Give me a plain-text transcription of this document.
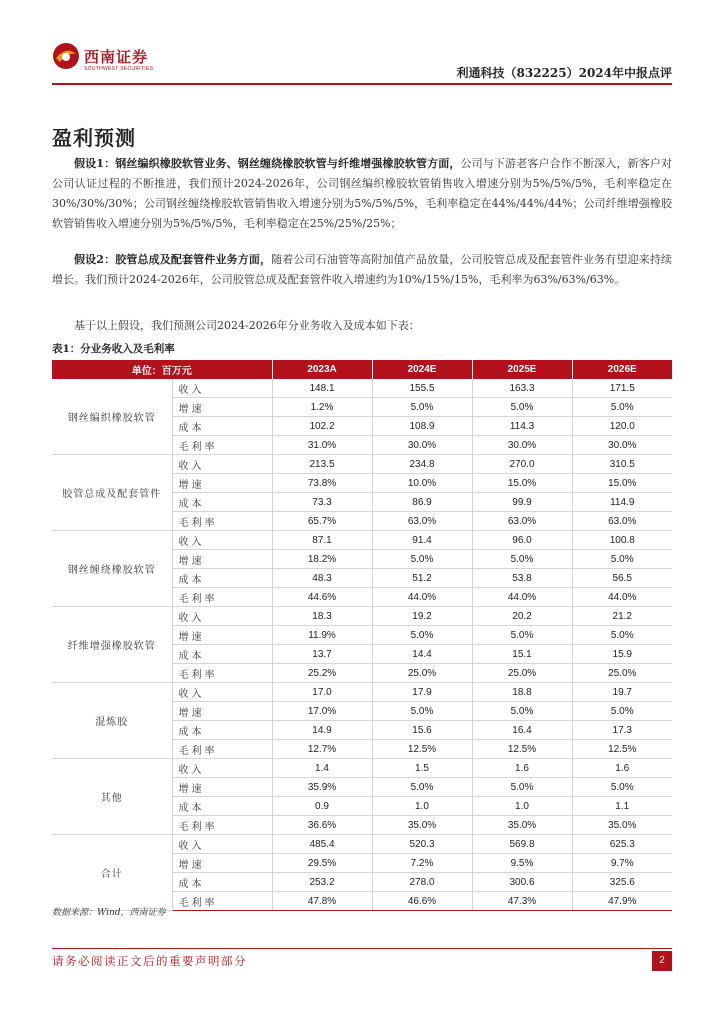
西南证券
SOUTHWEST SECURITIES	利通科技（832225）2024年中报点评
盈利预测

假设1：钢丝编织橡胶软管业务、钢丝缠绕橡胶软管与纤维增强橡胶软管方面，公司与下游老客户合作不断深入，新客户对公司认证过程的不断推进，我们预计2024-2026年，公司钢丝编织橡胶软管销售收入增速分别为5%/5%/5%，毛利率稳定在30%/30%/30%；公司钢丝缠绕橡胶软管销售收入增速分别为5%/5%/5%，毛利率稳定在44%/44%/44%；公司纤维增强橡胶软管销售收入增速分别为5%/5%/5%，毛利率稳定在25%/25%/25%；

假设2：胶管总成及配套管件业务方面，随着公司石油管等高附加值产品放量，公司胶管总成及配套管件业务有望迎来持续增长。我们预计2024-2026年，公司胶管总成及配套管件收入增速约为10%/15%/15%，毛利率为63%/63%/63%。

基于以上假设，我们预测公司2024-2026年分业务收入及成本如下表：

表1：分业务收入及毛利率
单位：百万元		2023A	2024E	2025E	2026E
钢丝编织橡胶软管	收入	148.1	155.5	163.3	171.5
	增速	1.2%	5.0%	5.0%	5.0%
	成本	102.2	108.9	114.3	120.0
	毛利率	31.0%	30.0%	30.0%	30.0%
胶管总成及配套管件	收入	213.5	234.8	270.0	310.5
	增速	73.8%	10.0%	15.0%	15.0%
	成本	73.3	86.9	99.9	114.9
	毛利率	65.7%	63.0%	63.0%	63.0%
钢丝缠绕橡胶软管	收入	87.1	91.4	96.0	100.8
	增速	18.2%	5.0%	5.0%	5.0%
	成本	48.3	51.2	53.8	56.5
	毛利率	44.6%	44.0%	44.0%	44.0%
纤维增强橡胶软管	收入	18.3	19.2	20.2	21.2
	增速	11.9%	5.0%	5.0%	5.0%
	成本	13.7	14.4	15.1	15.9
	毛利率	25.2%	25.0%	25.0%	25.0%
混炼胶	收入	17.0	17.9	18.8	19.7
	增速	17.0%	5.0%	5.0%	5.0%
	成本	14.9	15.6	16.4	17.3
	毛利率	12.7%	12.5%	12.5%	12.5%
其他	收入	1.4	1.5	1.6	1.6
	增速	35.9%	5.0%	5.0%	5.0%
	成本	0.9	1.0	1.0	1.1
	毛利率	36.6%	35.0%	35.0%	35.0%
合计	收入	485.4	520.3	569.8	625.3
	增速	29.5%	7.2%	9.5%	9.7%
	成本	253.2	278.0	300.6	325.6
	毛利率	47.8%	46.6%	47.3%	47.9%
数据来源：Wind，西南证券
请务必阅读正文后的重要声明部分	2
